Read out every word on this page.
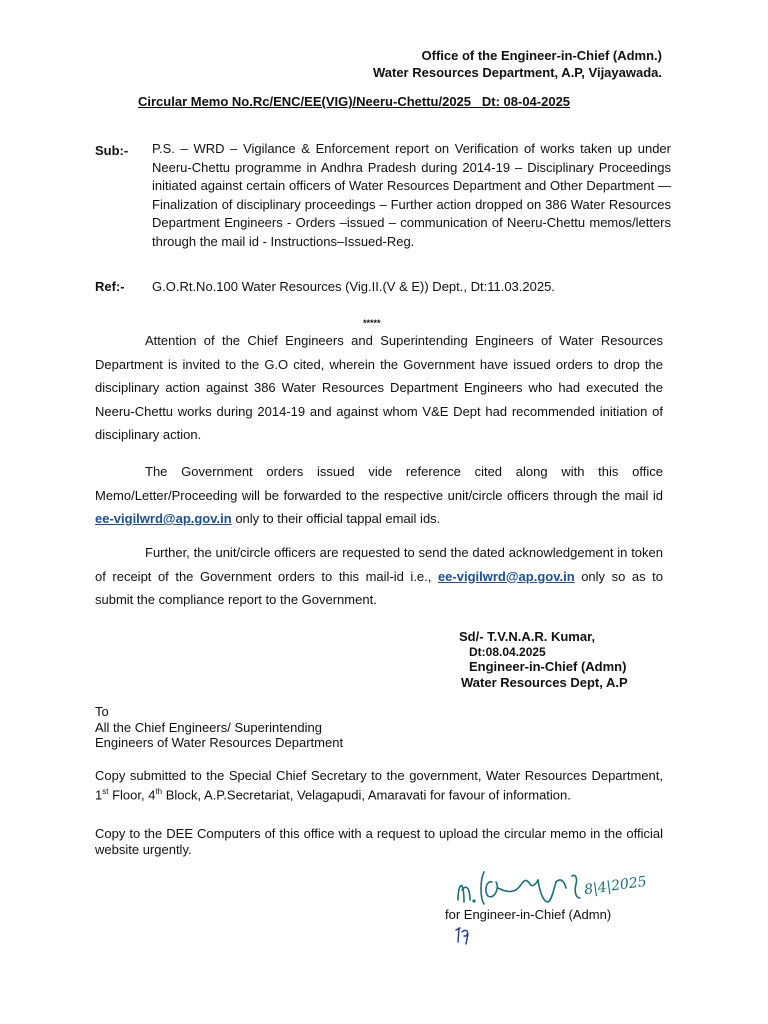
Office of the Engineer-in-Chief (Admn.)
Water Resources Department, A.P, Vijayawada.
Circular Memo No.Rc/ENC/EE(VIG)/Neeru-Chettu/2025 Dt: 08-04-2025
Sub:- P.S. – WRD – Vigilance & Enforcement report on Verification of works taken up under Neeru-Chettu programme in Andhra Pradesh during 2014-19 – Disciplinary Proceedings initiated against certain officers of Water Resources Department and Other Department — Finalization of disciplinary proceedings – Further action dropped on 386 Water Resources Department Engineers - Orders –issued – communication of Neeru-Chettu memos/letters through the mail id - Instructions–Issued-Reg.
Ref:- G.O.Rt.No.100 Water Resources (Vig.II.(V & E)) Dept., Dt:11.03.2025.
*****
Attention of the Chief Engineers and Superintending Engineers of Water Resources Department is invited to the G.O cited, wherein the Government have issued orders to drop the disciplinary action against 386 Water Resources Department Engineers who had executed the Neeru-Chettu works during 2014-19 and against whom V&E Dept had recommended initiation of disciplinary action.
The Government orders issued vide reference cited along with this office Memo/Letter/Proceeding will be forwarded to the respective unit/circle officers through the mail id ee-vigilwrd@ap.gov.in only to their official tappal email ids.
Further, the unit/circle officers are requested to send the dated acknowledgement in token of receipt of the Government orders to this mail-id i.e., ee-vigilwrd@ap.gov.in only so as to submit the compliance report to the Government.
Sd/- T.V.N.A.R. Kumar,
Dt:08.04.2025
Engineer-in-Chief (Admn)
Water Resources Dept, A.P
To
All the Chief Engineers/ Superintending
Engineers of Water Resources Department
Copy submitted to the Special Chief Secretary to the government, Water Resources Department, 1st Floor, 4th Block, A.P.Secretariat, Velagapudi, Amaravati for favour of information.
Copy to the DEE Computers of this office with a request to upload the circular memo in the official website urgently.
8|4|2025
for Engineer-in-Chief (Admn)
